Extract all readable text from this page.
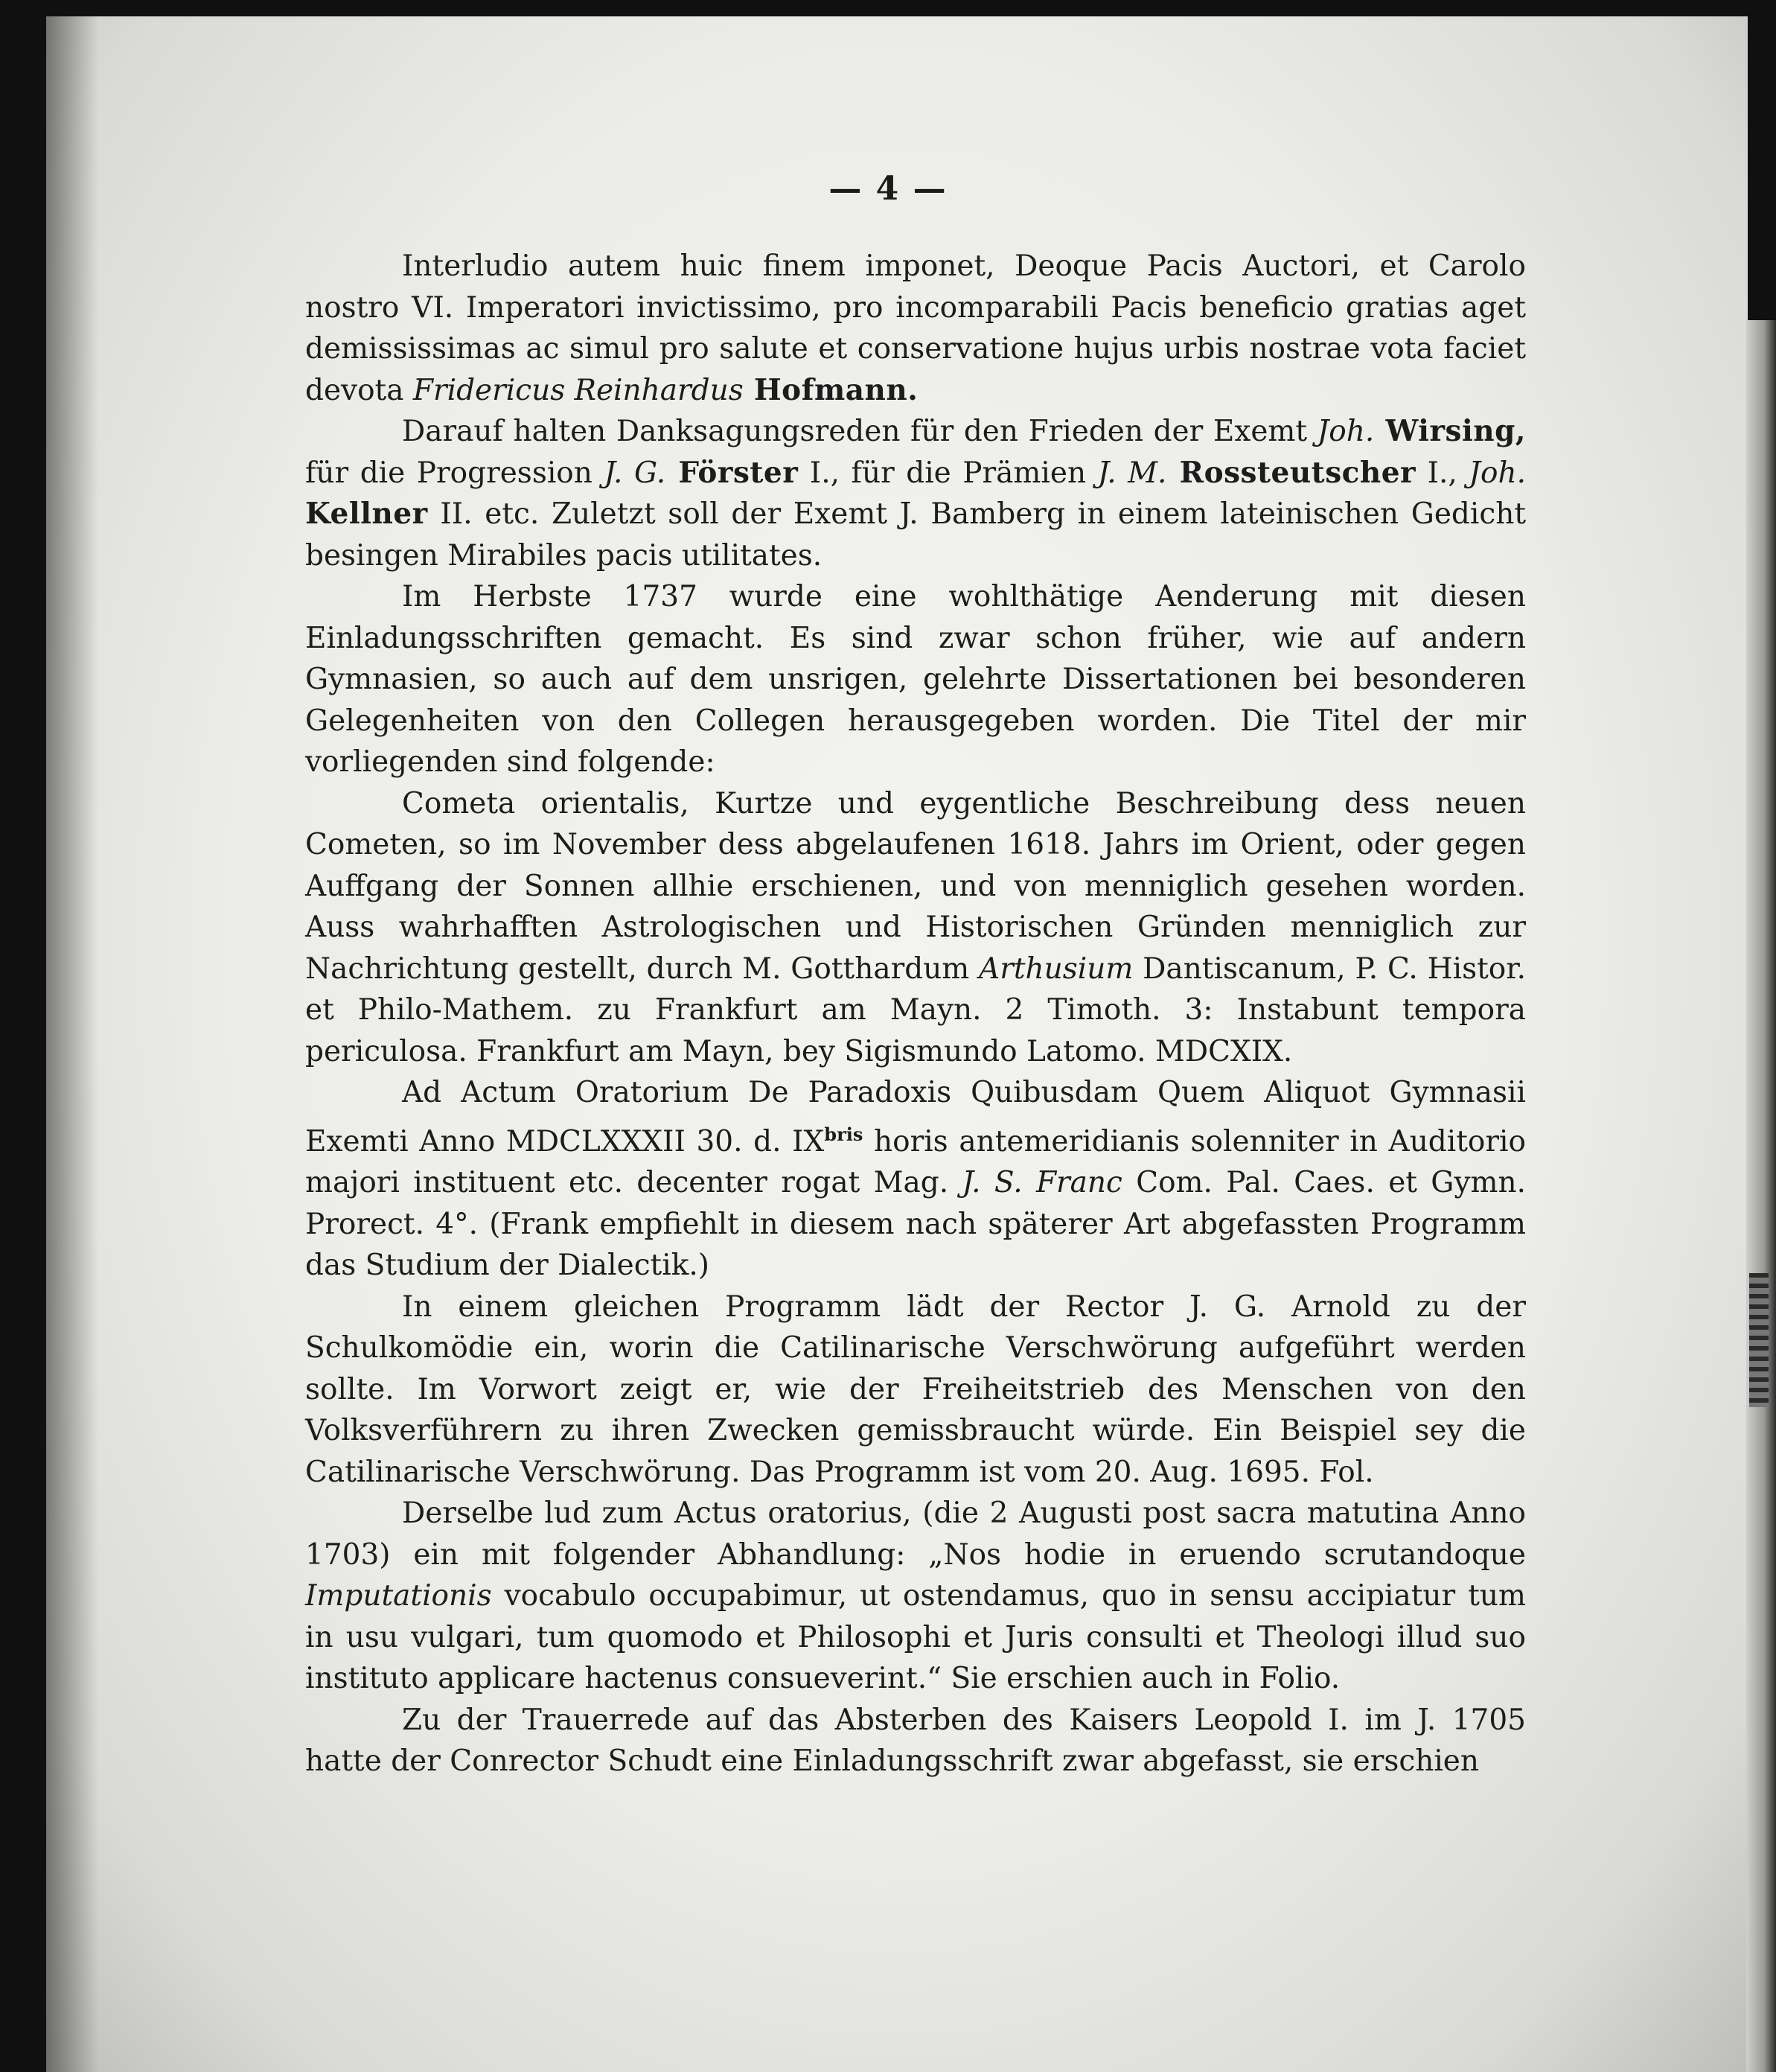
— 4 —

Interludio autem huic finem imponet, Deoque Pacis Auctori, et Carolo nostro VI. Imperatori invictissimo, pro incomparabili Pacis beneficio gratias aget demississimas ac simul pro salute et conservatione hujus urbis nostrae vota faciet devota Fridericus Reinhardus Hofmann.

Darauf halten Danksagungsreden für den Frieden der Exemt Joh. Wirsing, für die Progression J. G. Förster I., für die Prämien J. M. Rossteutscher I., Joh. Kellner II. etc. Zuletzt soll der Exemt J. Bamberg in einem lateinischen Gedicht besingen Mirabiles pacis utilitates.

Im Herbste 1737 wurde eine wohlthätige Aenderung mit diesen Einladungsschriften gemacht. Es sind zwar schon früher, wie auf andern Gymnasien, so auch auf dem unsrigen, gelehrte Dissertationen bei besonderen Gelegenheiten von den Collegen herausgegeben worden. Die Titel der mir vorliegenden sind folgende:

Cometa orientalis, Kurtze und eygentliche Beschreibung dess neuen Cometen, so im November dess abgelaufenen 1618. Jahrs im Orient, oder gegen Auffgang der Sonnen allhie erschienen, und von menniglich gesehen worden. Auss wahrhafften Astrologischen und Historischen Gründen menniglich zur Nachrichtung gestellt, durch M. Gotthardum Arthusium Dantiscanum, P. C. Histor. et Philo-Mathem. zu Frankfurt am Mayn. 2 Timoth. 3: Instabunt tempora periculosa. Frankfurt am Mayn, bey Sigismundo Latomo. MDCXIX.

Ad Actum Oratorium De Paradoxis Quibusdam Quem Aliquot Gymnasii Exemti Anno MDCLXXXII 30. d. $IX^{bris}$ horis antemeridianis solenniter in Auditorio majori instituent etc. decenter rogat Mag. J. S. Franc Com. Pal. Caes. et Gymn. Prorect. 4°. (Frank empfiehlt in diesem nach späterer Art abgefassten Programm das Studium der Dialectik.)

In einem gleichen Programm lädt der Rector J. G. Arnold zu der Schulkomödie ein, worin die Catilinarische Verschwörung aufgeführt werden sollte. Im Vorwort zeigt er, wie der Freiheitstrieb des Menschen von den Volksverführern zu ihren Zwecken gemissbraucht würde. Ein Beispiel sey die Catilinarische Verschwörung. Das Programm ist vom 20. Aug. 1695. Fol.

Derselbe lud zum Actus oratorius, (die 2 Augusti post sacra matutina Anno 1703) ein mit folgender Abhandlung: „Nos hodie in eruendo scrutandoque Imputationis vocabulo occupabimur, ut ostendamus, quo in sensu accipiatur tum in usu vulgari, tum quomodo et Philosophi et Juris consulti et Theologi illud suo instituto applicare hactenus consueverint.“ Sie erschien auch in Folio.

Zu der Trauerrede auf das Absterben des Kaisers Leopold I. im J. 1705 hatte der Conrector Schudt eine Einladungsschrift zwar abgefasst, sie erschien
